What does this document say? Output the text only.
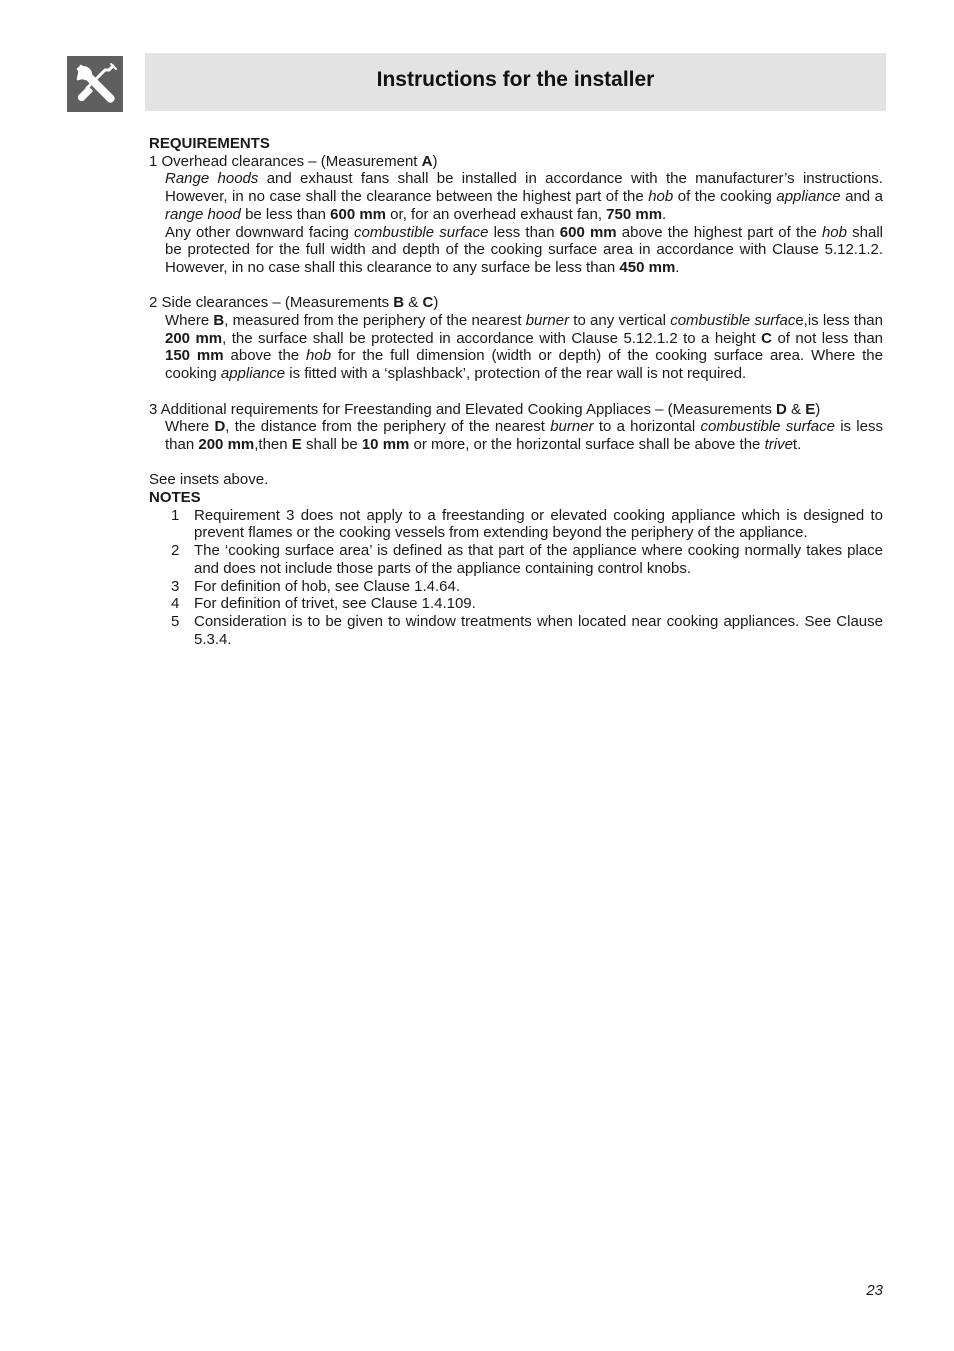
Instructions for the installer
REQUIREMENTS
1 Overhead clearances – (Measurement A)
Range hoods and exhaust fans shall be installed in accordance with the manufacturer’s instructions. However, in no case shall the clearance between the highest part of the hob of the cooking appliance and a range hood be less than 600 mm or, for an overhead exhaust fan, 750 mm.
Any other downward facing combustible surface less than 600 mm above the highest part of the hob shall be protected for the full width and depth of the cooking surface area in accordance with Clause 5.12.1.2. However, in no case shall this clearance to any surface be less than 450 mm.
2 Side clearances – (Measurements B & C)
Where B, measured from the periphery of the nearest burner to any vertical combustible surface,is less than 200 mm, the surface shall be protected in accordance with Clause 5.12.1.2 to a height C of not less than 150 mm above the hob for the full dimension (width or depth) of the cooking surface area. Where the cooking appliance is fitted with a ‘splashback’, protection of the rear wall is not required.
3 Additional requirements for Freestanding and Elevated Cooking Appliaces – (Measurements D & E)
Where D, the distance from the periphery of the nearest burner to a horizontal combustible surface is less than 200 mm,then E shall be 10 mm or more, or the horizontal surface shall be above the trivet.
See insets above.
NOTES
1 Requirement 3 does not apply to a freestanding or elevated cooking appliance which is designed to prevent flames or the cooking vessels from extending beyond the periphery of the appliance.
2 The ‘cooking surface area’ is defined as that part of the appliance where cooking normally takes place and does not include those parts of the appliance containing control knobs.
3 For definition of hob, see Clause 1.4.64.
4 For definition of trivet, see Clause 1.4.109.
5 Consideration is to be given to window treatments when located near cooking appliances. See Clause 5.3.4.
23
